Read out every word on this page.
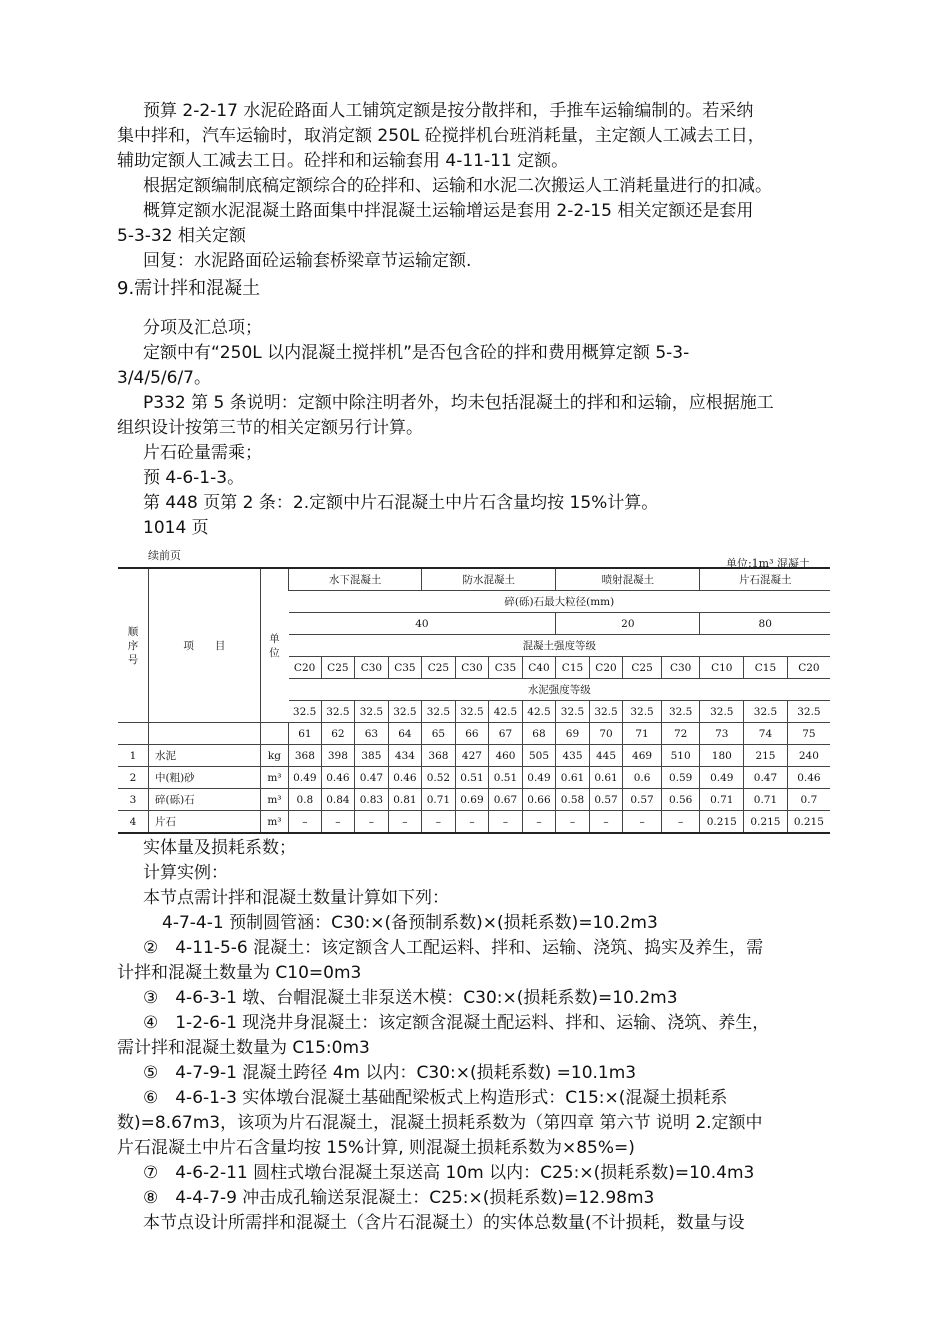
预算 2-2-17 水泥砼路面人工铺筑定额是按分散拌和，手推车运输编制的。若采纳
集中拌和，汽车运输时，取消定额 250L 砼搅拌机台班消耗量，主定额人工减去工日，
辅助定额人工减去工日。砼拌和和运输套用 4-11-11 定额。
根据定额编制底稿定额综合的砼拌和、运输和水泥二次搬运人工消耗量进行的扣减。
概算定额水泥混凝土路面集中拌混凝土运输增运是套用 2-2-15 相关定额还是套用
5-3-32 相关定额
回复：水泥路面砼运输套桥梁章节运输定额.
9.需计拌和混凝土
分项及汇总项；
定额中有“250L 以内混凝土搅拌机”是否包含砼的拌和费用概算定额 5-3-
3/4/5/6/7。
P332 第 5 条说明：定额中除注明者外，均未包括混凝土的拌和和运输，应根据施工
组织设计按第三节的相关定额另行计算。
片石砼量需乘；
预 4-6-1-3。
第 448 页第 2 条：2.定额中片石混凝土中片石含量均按 15%计算。
1014 页
续前页
单位:1m³ 混凝土
顺序号	项　　目	单位	水下混凝土				防水混凝土				喷射混凝土				片石混凝土		
			碎(砾)石最大粒径(mm)														
			40								20				80		
			混凝土强度等级														
			C20	C25	C30	C35	C25	C30	C35	C40	C15	C20	C25	C30	C10	C15	C20
			水泥强度等级														
			32.5	32.5	32.5	32.5	32.5	32.5	42.5	42.5	32.5	32.5	32.5	32.5	32.5	32.5	32.5
			61	62	63	64	65	66	67	68	69	70	71	72	73	74	75
1	水泥	kg	368	398	385	434	368	427	460	505	435	445	469	510	180	215	240
2	中(粗)砂	m³	0.49	0.46	0.47	0.46	0.52	0.51	0.51	0.49	0.61	0.61	0.6	0.59	0.49	0.47	0.46
3	碎(砾)石	m³	0.8	0.84	0.83	0.81	0.71	0.69	0.67	0.66	0.58	0.57	0.57	0.56	0.71	0.71	0.7
4	片石	m³	–	–	–	–	–	–	–	–	–	–	–	–	0.215	0.215	0.215
实体量及损耗系数；
计算实例：
本节点需计拌和混凝土数量计算如下列：
4-7-4-1 预制圆管涵：C30:×(备预制系数)×(损耗系数)=10.2m3
②　4-11-5-6 混凝土：该定额含人工配运料、拌和、运输、浇筑、捣实及养生，需
计拌和混凝土数量为 C10=0m3
③　4-6-3-1 墩、台帽混凝土非泵送木模：C30:×(损耗系数)=10.2m3
④　1-2-6-1 现浇井身混凝土：该定额含混凝土配运料、拌和、运输、浇筑、养生，
需计拌和混凝土数量为 C15:0m3
⑤　4-7-9-1 混凝土跨径 4m 以内：C30:×(损耗系数) =10.1m3
⑥　4-6-1-3 实体墩台混凝土基础配梁板式上构造形式：C15:×(混凝土损耗系
数)=8.67m3，该项为片石混凝土，混凝土损耗系数为（第四章 第六节 说明 2.定额中
片石混凝土中片石含量均按 15%计算, 则混凝土损耗系数为×85%=)
⑦　4-6-2-11 圆柱式墩台混凝土泵送高 10m 以内：C25:×(损耗系数)=10.4m3
⑧　4-4-7-9 冲击成孔输送泵混凝土：C25:×(损耗系数)=12.98m3
本节点设计所需拌和混凝土（含片石混凝土）的实体总数量(不计损耗，数量与设
